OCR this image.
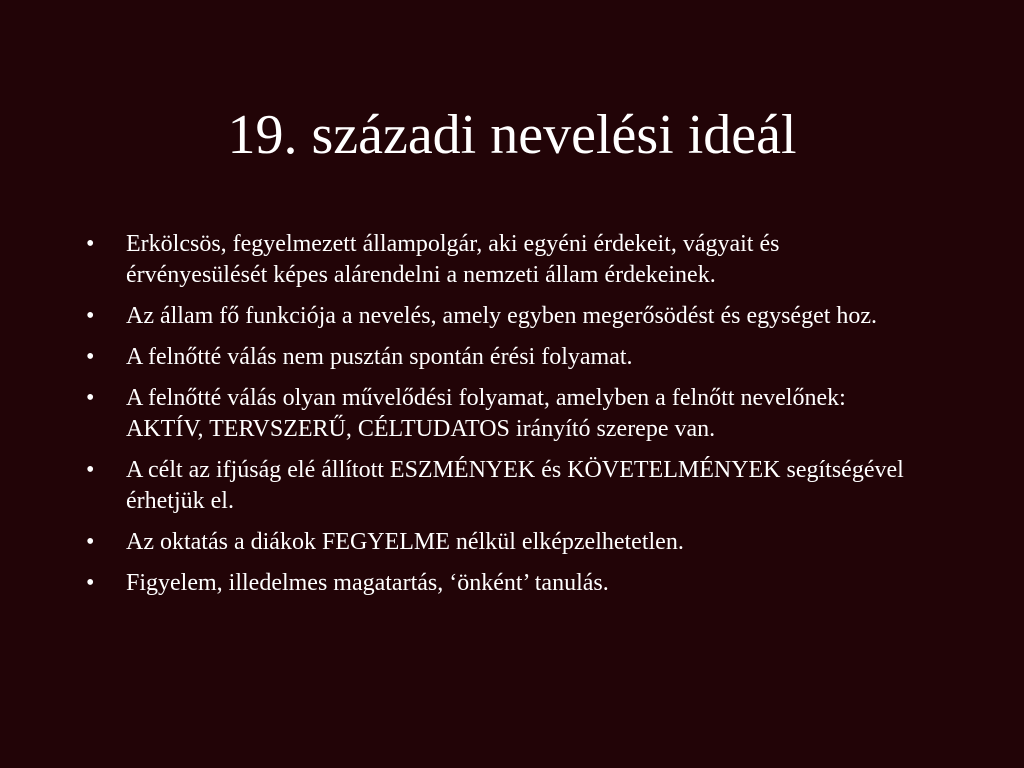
19. századi nevelési ideál
•	Erkölcsös, fegyelmezett állampolgár, aki egyéni érdekeit, vágyait és érvényesülését képes alárendelni a nemzeti állam érdekeinek.
•	Az állam fő funkciója a nevelés, amely egyben megerősödést és egységet hoz.
•	A felnőtté válás nem pusztán spontán érési folyamat.
•	A felnőtté válás olyan művelődési folyamat, amelyben a felnőtt nevelőnek: AKTÍV, TERVSZERŰ, CÉLTUDATOS irányító szerepe van.
•	A célt az ifjúság elé állított ESZMÉNYEK és KÖVETELMÉNYEK segítségével érhetjük el.
•	Az oktatás a diákok FEGYELME nélkül elképzelhetetlen.
•	Figyelem, illedelmes magatartás, ‘önként’ tanulás.
